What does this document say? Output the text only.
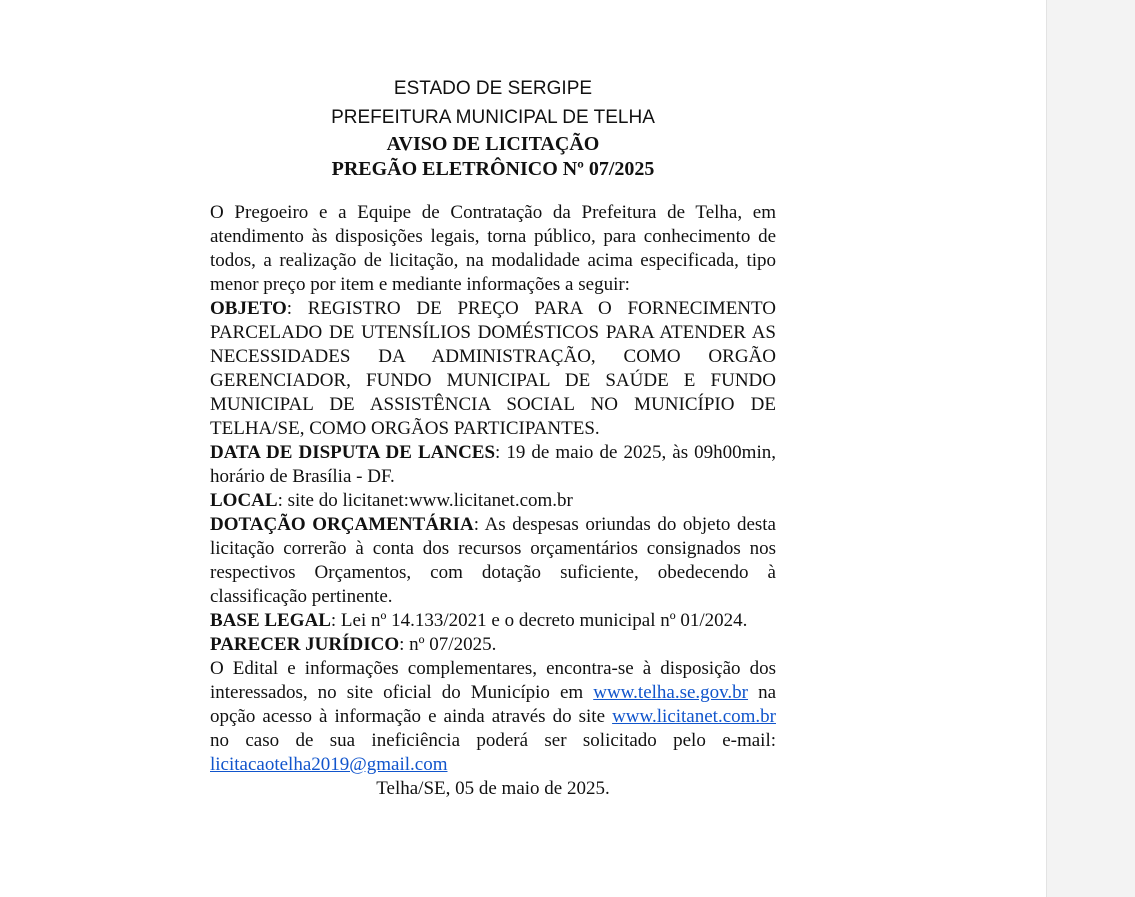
ESTADO DE SERGIPE
PREFEITURA MUNICIPAL DE TELHA
AVISO DE LICITAÇÃO
PREGÃO ELETRÔNICO Nº 07/2025

O Pregoeiro e a Equipe de Contratação da Prefeitura de Telha, em atendimento às disposições legais, torna público, para conhecimento de todos, a realização de licitação, na modalidade acima especificada, tipo menor preço por item e mediante informações a seguir:

OBJETO: REGISTRO DE PREÇO PARA O FORNECIMENTO PARCELADO DE UTENSÍLIOS DOMÉSTICOS PARA ATENDER AS NECESSIDADES DA ADMINISTRAÇÃO, COMO ORGÃO GERENCIADOR, FUNDO MUNICIPAL DE SAÚDE E FUNDO MUNICIPAL DE ASSISTÊNCIA SOCIAL NO MUNICÍPIO DE TELHA/SE, COMO ORGÃOS PARTICIPANTES.

DATA DE DISPUTA DE LANCES: 19 de maio de 2025, às 09h00min, horário de Brasília - DF.

LOCAL: site do licitanet:www.licitanet.com.br

DOTAÇÃO ORÇAMENTÁRIA: As despesas oriundas do objeto desta licitação correrão à conta dos recursos orçamentários consignados nos respectivos Orçamentos, com dotação suficiente, obedecendo à classificação pertinente.

BASE LEGAL: Lei nº 14.133/2021 e o decreto municipal nº 01/2024.

PARECER JURÍDICO: nº 07/2025.

O Edital e informações complementares, encontra-se à disposição dos interessados, no site oficial do Município em www.telha.se.gov.br na opção acesso à informação e ainda através do site www.licitanet.com.br no caso de sua ineficiência poderá ser solicitado pelo e-mail: licitacaotelha2019@gmail.com

Telha/SE, 05 de maio de 2025.
